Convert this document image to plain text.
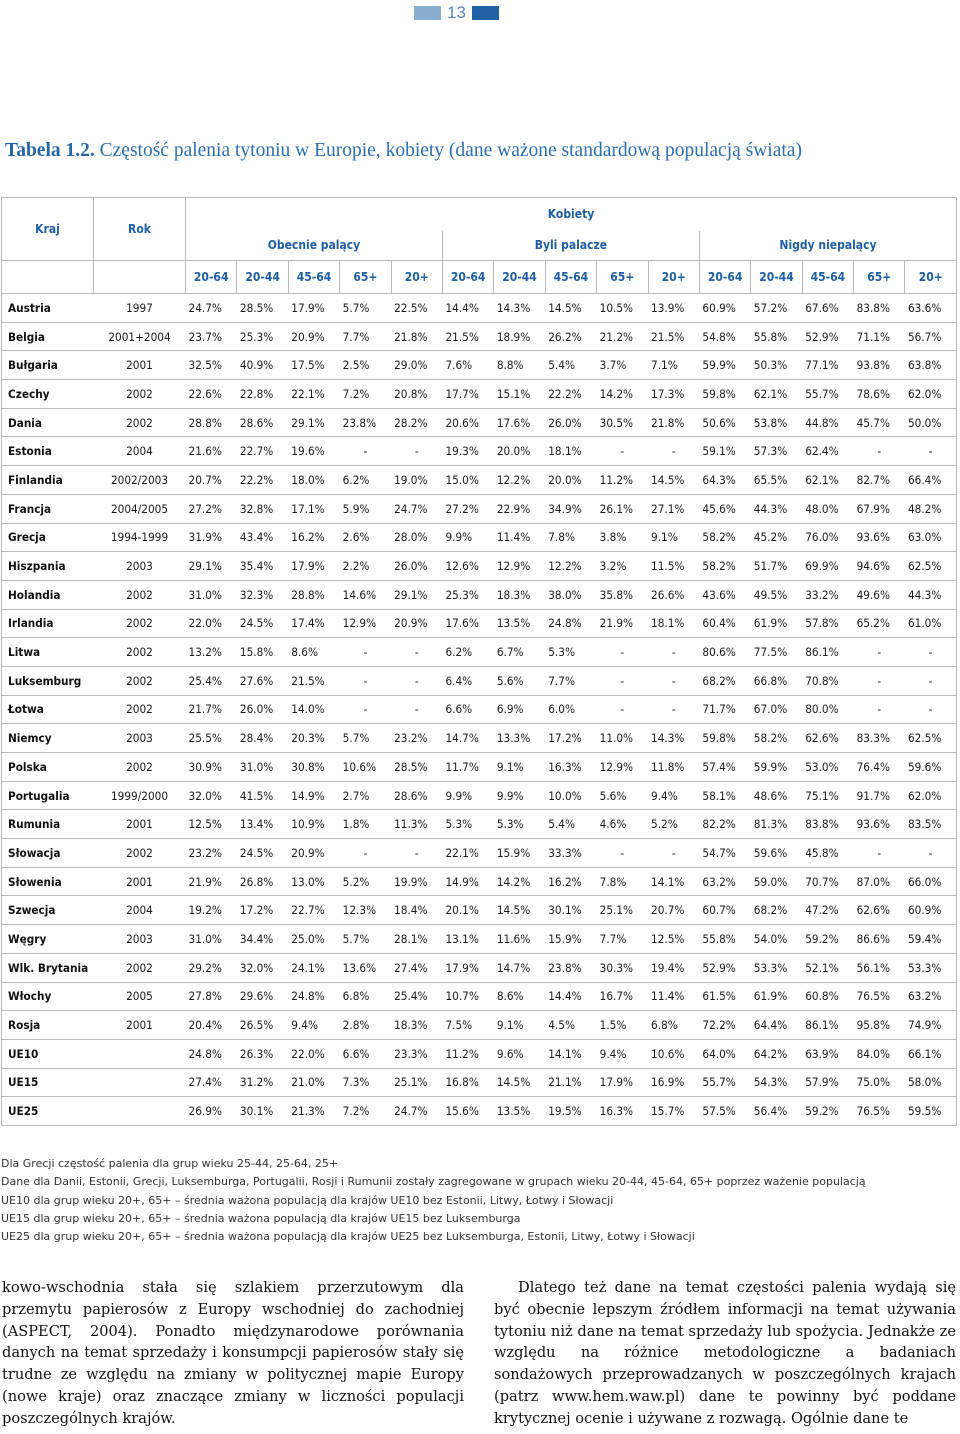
13
Tabela 1.2. Częstość palenia tytoniu w Europie, kobiety (dane ważone standardową populacją świata)
Kraj	Rok	Kobiety														
		Obecnie palący					Byli palacze					Nigdy niepalący				
		20-64	20-44	45-64	65+	20+	20-64	20-44	45-64	65+	20+	20-64	20-44	45-64	65+	20+
Austria	1997	24.7%	28.5%	17.9%	5.7%	22.5%	14.4%	14.3%	14.5%	10.5%	13.9%	60.9%	57.2%	67.6%	83.8%	63.6%
Belgia	2001+2004	23.7%	25.3%	20.9%	7.7%	21.8%	21.5%	18.9%	26.2%	21.2%	21.5%	54.8%	55.8%	52.9%	71.1%	56.7%
Bułgaria	2001	32.5%	40.9%	17.5%	2.5%	29.0%	7.6%	8.8%	5.4%	3.7%	7.1%	59.9%	50.3%	77.1%	93.8%	63.8%
Czechy	2002	22.6%	22.8%	22.1%	7.2%	20.8%	17.7%	15.1%	22.2%	14.2%	17.3%	59.8%	62.1%	55.7%	78.6%	62.0%
Dania	2002	28.8%	28.6%	29.1%	23.8%	28.2%	20.6%	17.6%	26.0%	30.5%	21.8%	50.6%	53.8%	44.8%	45.7%	50.0%
Estonia	2004	21.6%	22.7%	19.6%	-	-	19.3%	20.0%	18.1%	-	-	59.1%	57.3%	62.4%	-	-
Finlandia	2002/2003	20.7%	22.2%	18.0%	6.2%	19.0%	15.0%	12.2%	20.0%	11.2%	14.5%	64.3%	65.5%	62.1%	82.7%	66.4%
Francja	2004/2005	27.2%	32.8%	17.1%	5.9%	24.7%	27.2%	22.9%	34.9%	26.1%	27.1%	45.6%	44.3%	48.0%	67.9%	48.2%
Grecja	1994-1999	31.9%	43.4%	16.2%	2.6%	28.0%	9.9%	11.4%	7.8%	3.8%	9.1%	58.2%	45.2%	76.0%	93.6%	63.0%
Hiszpania	2003	29.1%	35.4%	17.9%	2.2%	26.0%	12.6%	12.9%	12.2%	3.2%	11.5%	58.2%	51.7%	69.9%	94.6%	62.5%
Holandia	2002	31.0%	32.3%	28.8%	14.6%	29.1%	25.3%	18.3%	38.0%	35.8%	26.6%	43.6%	49.5%	33.2%	49.6%	44.3%
Irlandia	2002	22.0%	24.5%	17.4%	12.9%	20.9%	17.6%	13.5%	24.8%	21.9%	18.1%	60.4%	61.9%	57.8%	65.2%	61.0%
Litwa	2002	13.2%	15.8%	8.6%	-	-	6.2%	6.7%	5.3%	-	-	80.6%	77.5%	86.1%	-	-
Luksemburg	2002	25.4%	27.6%	21.5%	-	-	6.4%	5.6%	7.7%	-	-	68.2%	66.8%	70.8%	-	-
Łotwa	2002	21.7%	26.0%	14.0%	-	-	6.6%	6.9%	6.0%	-	-	71.7%	67.0%	80.0%	-	-
Niemcy	2003	25.5%	28.4%	20.3%	5.7%	23.2%	14.7%	13.3%	17.2%	11.0%	14.3%	59.8%	58.2%	62.6%	83.3%	62.5%
Polska	2002	30.9%	31.0%	30.8%	10.6%	28.5%	11.7%	9.1%	16.3%	12.9%	11.8%	57.4%	59.9%	53.0%	76.4%	59.6%
Portugalia	1999/2000	32.0%	41.5%	14.9%	2.7%	28.6%	9.9%	9.9%	10.0%	5.6%	9.4%	58.1%	48.6%	75.1%	91.7%	62.0%
Rumunia	2001	12.5%	13.4%	10.9%	1.8%	11.3%	5.3%	5.3%	5.4%	4.6%	5.2%	82.2%	81.3%	83.8%	93.6%	83.5%
Słowacja	2002	23.2%	24.5%	20.9%	-	-	22.1%	15.9%	33.3%	-	-	54.7%	59.6%	45.8%	-	-
Słowenia	2001	21.9%	26.8%	13.0%	5.2%	19.9%	14.9%	14.2%	16.2%	7.8%	14.1%	63.2%	59.0%	70.7%	87.0%	66.0%
Szwecja	2004	19.2%	17.2%	22.7%	12.3%	18.4%	20.1%	14.5%	30.1%	25.1%	20.7%	60.7%	68.2%	47.2%	62.6%	60.9%
Węgry	2003	31.0%	34.4%	25.0%	5.7%	28.1%	13.1%	11.6%	15.9%	7.7%	12.5%	55.8%	54.0%	59.2%	86.6%	59.4%
Wlk. Brytania	2002	29.2%	32.0%	24.1%	13.6%	27.4%	17.9%	14.7%	23.8%	30.3%	19.4%	52.9%	53.3%	52.1%	56.1%	53.3%
Włochy	2005	27.8%	29.6%	24.8%	6.8%	25.4%	10.7%	8.6%	14.4%	16.7%	11.4%	61.5%	61.9%	60.8%	76.5%	63.2%
Rosja	2001	20.4%	26.5%	9.4%	2.8%	18.3%	7.5%	9.1%	4.5%	1.5%	6.8%	72.2%	64.4%	86.1%	95.8%	74.9%
UE10		24.8%	26.3%	22.0%	6.6%	23.3%	11.2%	9.6%	14.1%	9.4%	10.6%	64.0%	64.2%	63.9%	84.0%	66.1%
UE15		27.4%	31.2%	21.0%	7.3%	25.1%	16.8%	14.5%	21.1%	17.9%	16.9%	55.7%	54.3%	57.9%	75.0%	58.0%
UE25		26.9%	30.1%	21.3%	7.2%	24.7%	15.6%	13.5%	19.5%	16.3%	15.7%	57.5%	56.4%	59.2%	76.5%	59.5%
Dla Grecji częstość palenia dla grup wieku 25-44, 25-64, 25+
Dane dla Danii, Estonii, Grecji, Luksemburga, Portugalii, Rosji i Rumunii zostały zagregowane w grupach wieku 20-44, 45-64, 65+ poprzez ważenie populacją
UE10 dla grup wieku 20+, 65+ – średnia ważona populacją dla krajów UE10 bez Estonii, Litwy, Łotwy i Słowacji
UE15 dla grup wieku 20+, 65+ – średnia ważona populacją dla krajów UE15 bez Luksemburga
UE25 dla grup wieku 20+, 65+ – średnia ważona populacją dla krajów UE25 bez Luksemburga, Estonii, Litwy, Łotwy i Słowacji

kowo-wschodnia stała się szlakiem przerzutowym dla przemytu papierosów z Europy wschodniej do zachodniej (ASPECT, 2004). Ponadto międzynarodowe porównania danych na temat sprzedaży i konsumpcji papierosów stały się trudne ze względu na zmiany w politycznej mapie Europy (nowe kraje) oraz znaczące zmiany w liczności populacji poszczególnych krajów.

Dlatego też dane na temat częstości palenia wydają się być obecnie lepszym źródłem informacji na temat używania tytoniu niż dane na temat sprzedaży lub spożycia. Jednakże ze względu na różnice metodologiczne a badaniach sondażowych przeprowadzanych w poszczególnych krajach (patrz www.hem.waw.pl) dane te powinny być poddane krytycznej ocenie i używane z rozwagą. Ogólnie dane te
